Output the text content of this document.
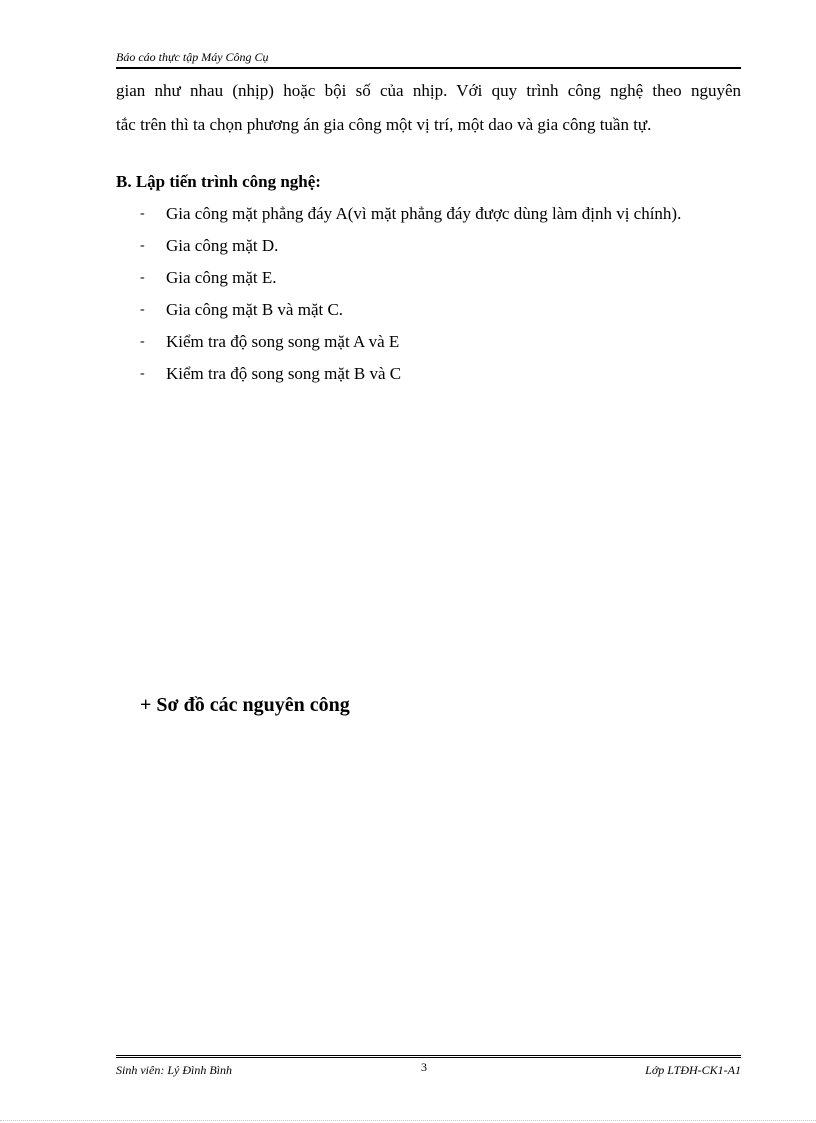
Báo cáo thực tập Máy Công Cụ
gian như nhau (nhịp) hoặc bội số của nhịp. Với quy trình công nghệ theo nguyên
tắc trên thì ta chọn phương án gia công một vị trí, một dao và gia công tuần tự.
B. Lập tiến trình công nghệ:
- Gia công mặt phẳng đáy A(vì mặt phẳng đáy được dùng làm định vị chính).
- Gia công mặt D.
- Gia công mặt E.
- Gia công mặt B và mặt C.
- Kiểm tra độ song song mặt A và E
- Kiểm tra độ song song mặt B và C
+ Sơ đồ các nguyên công
Sinh viên: Lý Đình Bình	3	Lớp LTĐH-CK1-A1
